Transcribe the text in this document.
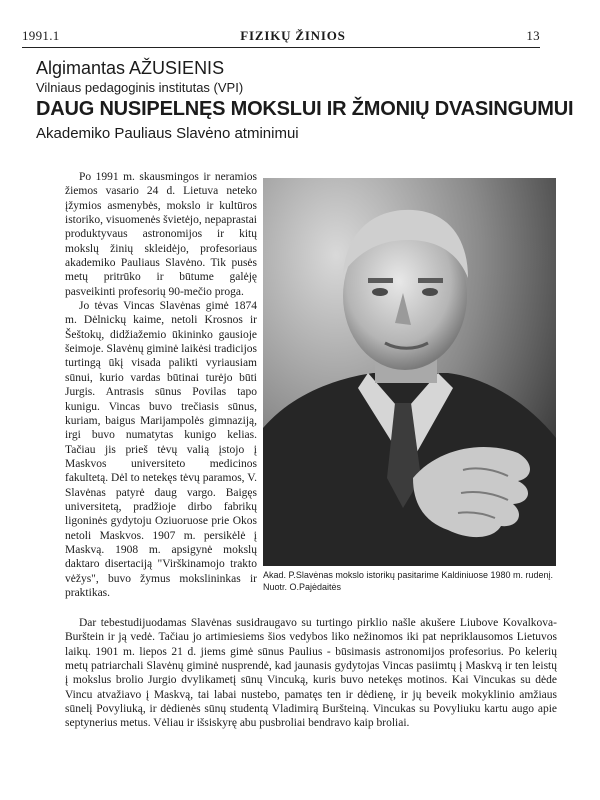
1991.1	FIZIKŲ ŽINIOS	13
Algimantas AŽUSIENIS
Vilniaus pedagoginis institutas (VPI)
DAUG NUSIPELNĘS MOKSLUI IR ŽMONIŲ DVASINGUMUI
Akademiko Pauliaus Slavėno atminimui

Po 1991 m. skausmingos ir neramios žiemos vasario 24 d. Lietuva neteko įžymios asmenybės, mokslo ir kultūros istoriko, visuomenės švietėjo, nepaprastai produktyvaus astronomijos ir kitų mokslų žinių skleidėjo, profesoriaus akademiko Pauliaus Slavėno. Tik pusės metų pritrūko ir būtume galėję pasveikinti profesorių 90-mečio proga.

Jo tėvas Vincas Slavėnas gimė 1874 m. Dėlnickų kaime, netoli Krosnos ir Šeštokų, didžiažemio ūkininko gausioje šeimoje. Slavėnų giminė laikėsi tradicijos turtingą ūkį visada palikti vyriausiam sūnui, kurio vardas būtinai turėjo būti Jurgis. Antrasis sūnus Povilas tapo kunigu. Vincas buvo trečiasis sūnus, kuriam, baigus Marijampolės gimnaziją, irgi buvo numatytas kunigo kelias. Tačiau jis prieš tėvų valią įstojo į Maskvos universiteto medicinos fakultetą. Dėl to netekęs tėvų paramos, V. Slavėnas patyrė daug vargo. Baigęs universitetą, pradžioje dirbo fabrikų ligoninės gydytoju Oziuoruose prie Okos netoli Maskvos. 1907 m. persikėlė į Maskvą. 1908 m. apsigynė mokslų daktaro disertaciją "Virškinamojo trakto vėžys", buvo žymus mokslininkas ir praktikas.

Akad. P.Slavėnas mokslo istorikų pasitarime Kaldiniuose 1980 m. rudenį. Nuotr. O.Pajėdaitės

Dar tebestudijuodamas Slavėnas susidraugavo su turtingo pirklio našle akušere Liubove Kovalkova-Burštein ir ją vedė. Tačiau jo artimiesiems šios vedybos liko nežinomos iki pat nepriklausomos Lietuvos laikų. 1901 m. liepos 21 d. jiems gimė sūnus Paulius - būsimasis astronomijos profesorius. Po kelerių metų patriarchali Slavėnų giminė nusprendė, kad jaunasis gydytojas Vincas pasiimtų į Maskvą ir ten leistų į mokslus brolio Jurgio dvylikametį sūnų Vincuką, kuris buvo netekęs motinos. Kai Vincukas su dėde Vincu atvažiavo į Maskvą, tai labai nustebo, pamatęs ten ir dėdienę, ir jų beveik mokyklinio amžiaus sūnelį Povyliuką, ir dėdienės sūnų studentą Vladimirą Buršteiną. Vincukas su Povyliuku kartu augo apie septynerius metus. Vėliau ir išsiskyrę abu pusbroliai bendravo kaip broliai.
